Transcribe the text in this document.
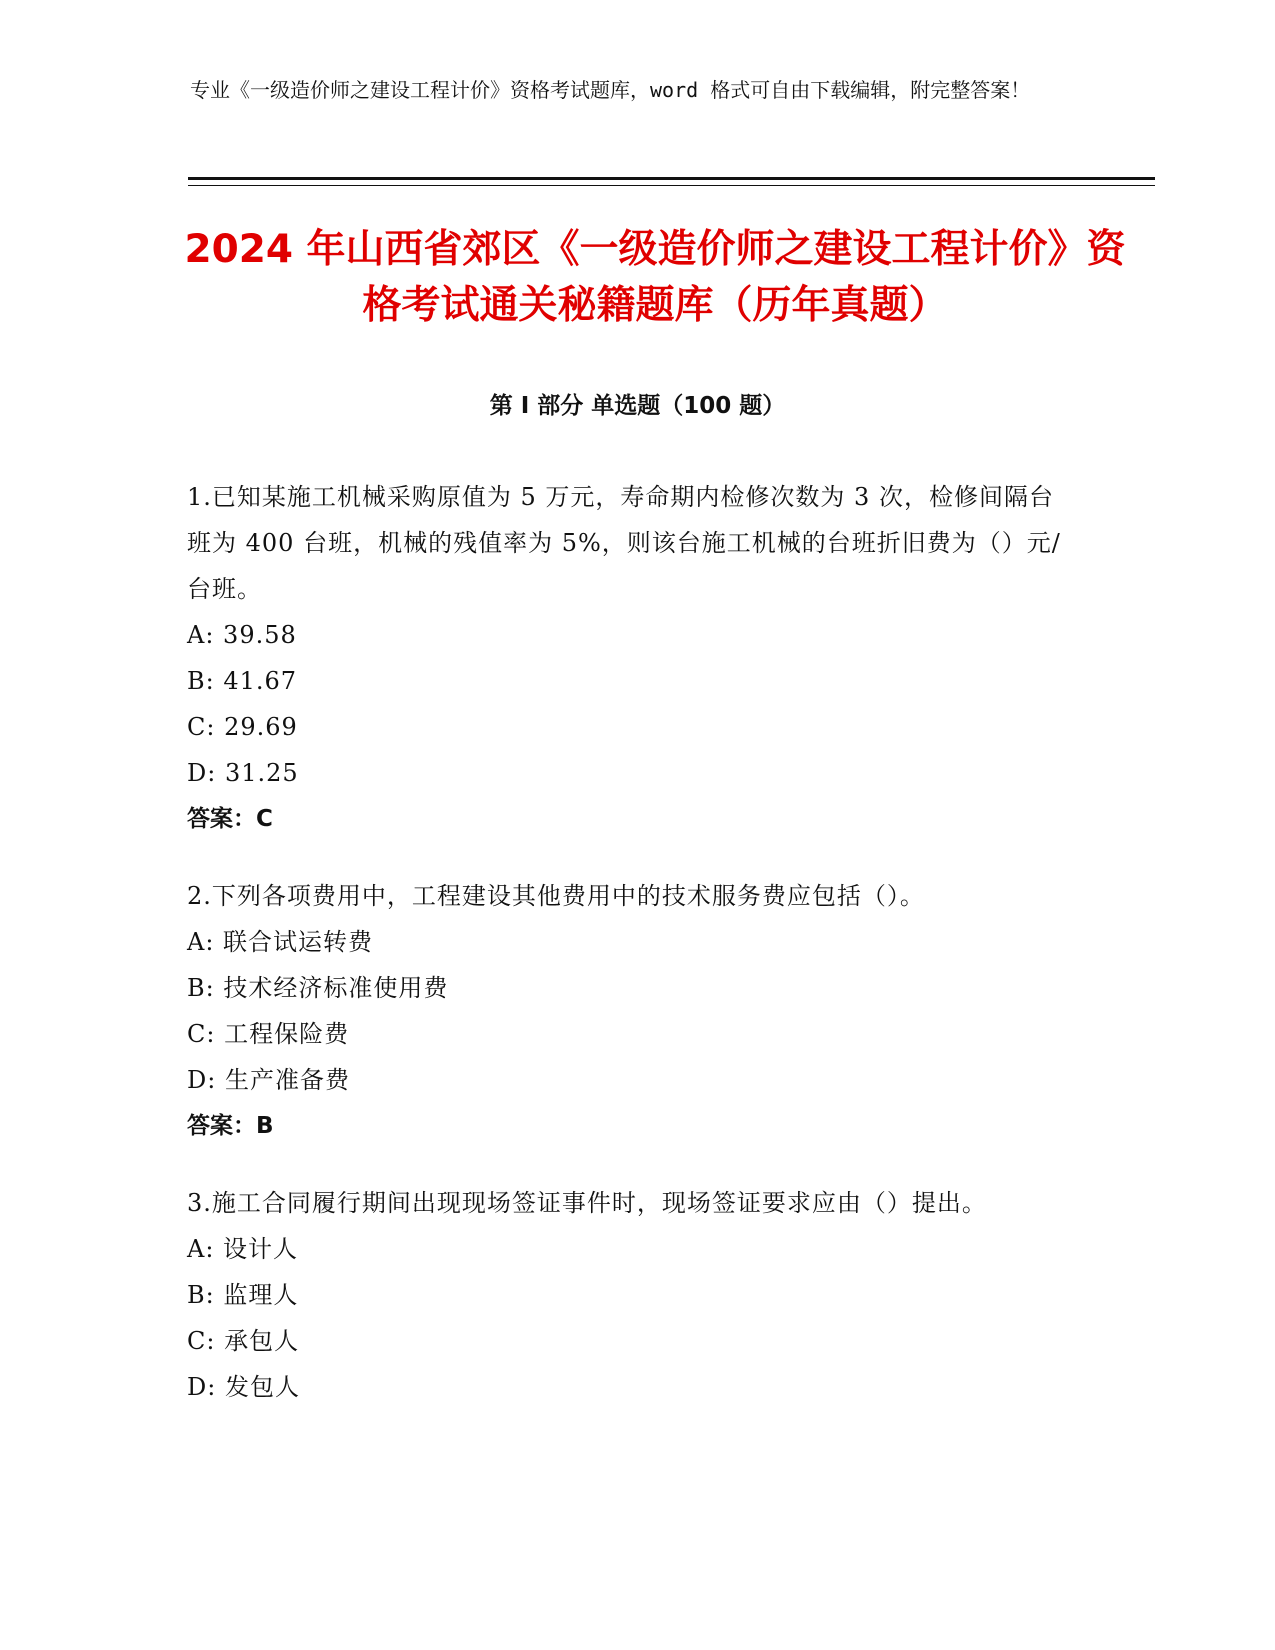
专业《一级造价师之建设工程计价》资格考试题库，word 格式可自由下载编辑，附完整答案！
2024 年山西省郊区《一级造价师之建设工程计价》资格考试通关秘籍题库（历年真题）
第 I 部分 单选题（100 题）
1.已知某施工机械采购原值为 5 万元，寿命期内检修次数为 3 次，检修间隔台班为 400 台班，机械的残值率为 5%，则该台施工机械的台班折旧费为（）元/台班。
A: 39.58
B: 41.67
C: 29.69
D: 31.25
答案：C
2.下列各项费用中，工程建设其他费用中的技术服务费应包括（）。
A: 联合试运转费
B: 技术经济标准使用费
C: 工程保险费
D: 生产准备费
答案：B
3.施工合同履行期间出现现场签证事件时，现场签证要求应由（）提出。
A: 设计人
B: 监理人
C: 承包人
D: 发包人
